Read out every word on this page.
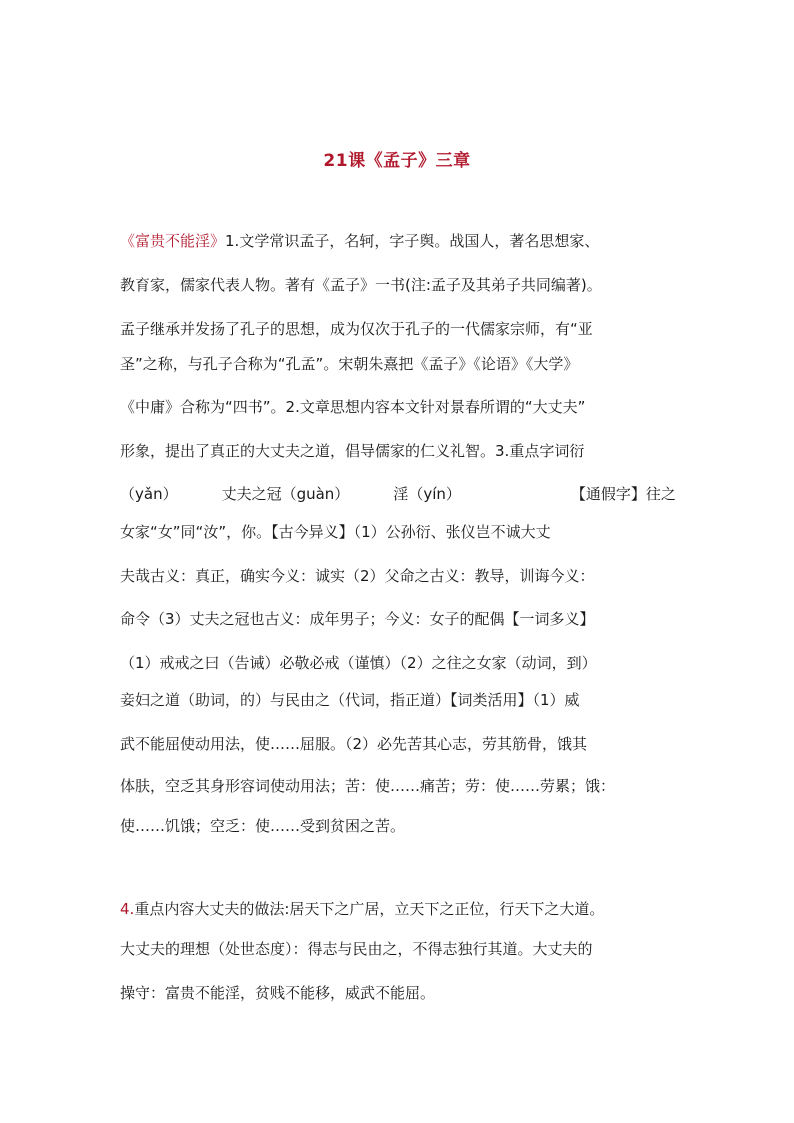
21课《孟子》三章
《富贵不能淫》1.文学常识孟子，名轲，字子舆。战国人，著名思想家、
教育家，儒家代表人物。著有《孟子》一书(注:孟子及其弟子共同编著)。
孟子继承并发扬了孔子的思想，成为仅次于孔子的一代儒家宗师，有“亚
圣”之称，与孔子合称为“孔孟”。宋朝朱熹把《孟子》《论语》《大学》
《中庸》合称为“四书”。2.文章思想内容本文针对景春所谓的“大丈夫”
形象，提出了真正的大丈夫之道，倡导儒家的仁义礼智。3.重点字词衍
（yǎn）	丈夫之冠（guàn）	淫（yín）	【通假字】往之
女家“女”同“汝”，你。【古今异义】（1）公孙衍、张仪岂不诚大丈
夫哉古义：真正，确实今义：诚实（2）父命之古义：教导，训诲今义：
命令（3）丈夫之冠也古义：成年男子；今义：女子的配偶【一词多义】
（1）戒戒之曰（告诫）必敬必戒（谨慎）（2）之往之女家（动词，到）
妾妇之道（助词，的）与民由之（代词，指正道）【词类活用】（1）威
武不能屈使动用法，使……屈服。（2）必先苦其心志，劳其筋骨，饿其
体肤，空乏其身形容词使动用法；苦：使……痛苦；劳：使……劳累；饿：
使……饥饿；空乏：使……受到贫困之苦。
4.重点内容大丈夫的做法:居天下之广居，立天下之正位，行天下之大道。
大丈夫的理想（处世态度）：得志与民由之，不得志独行其道。大丈夫的
操守：富贵不能淫，贫贱不能移，威武不能屈。
